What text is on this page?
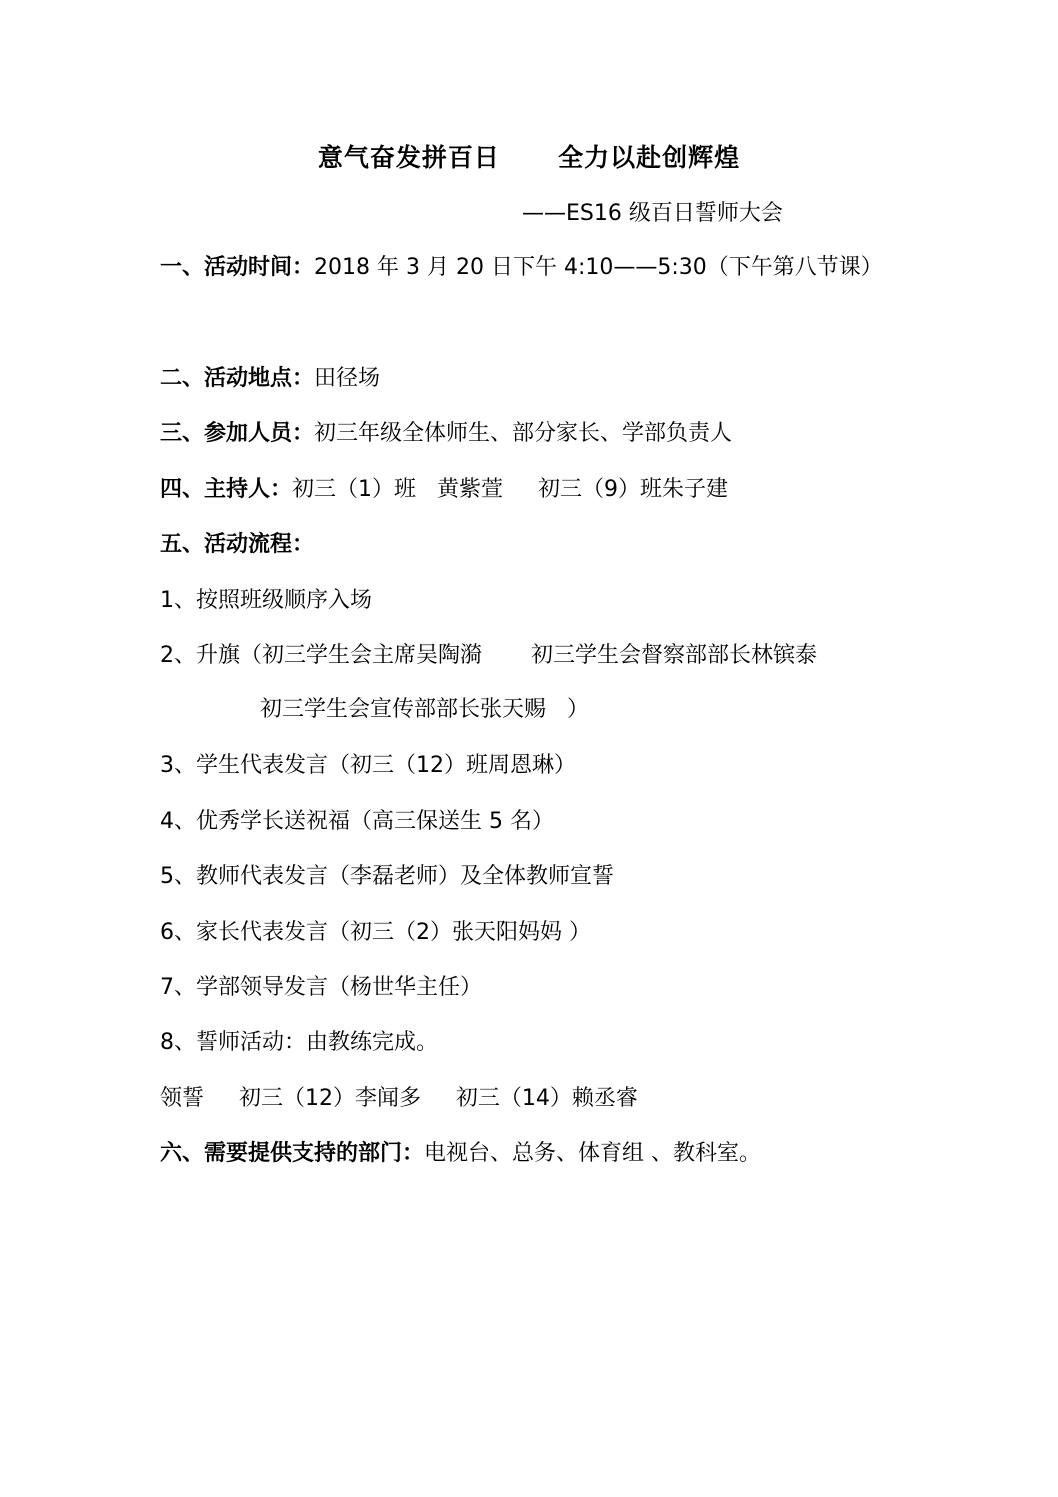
意气奋发拼百日      全力以赴创辉煌
——ES16 级百日誓师大会
一、活动时间：2018 年 3 月 20 日下午 4:10——5:30（下午第八节课）
二、活动地点：田径场
三、参加人员：初三年级全体师生、部分家长、学部负责人
四、主持人：初三（1）班   黄紫萱     初三（9）班朱子建
五、活动流程：
1、按照班级顺序入场
2、升旗（初三学生会主席吴陶漪       初三学生会督察部部长林镔泰
初三学生会宣传部部长张天赐   ）
3、学生代表发言（初三（12）班周恩琳）
4、优秀学长送祝福（高三保送生 5 名）
5、教师代表发言（李磊老师）及全体教师宣誓
6、家长代表发言（初三（2）张天阳妈妈 ）
7、学部领导发言（杨世华主任）
8、誓师活动：由教练完成。
领誓     初三（12）李闻多     初三（14）赖丞睿
六、需要提供支持的部门：电视台、总务、体育组 、教科室。
